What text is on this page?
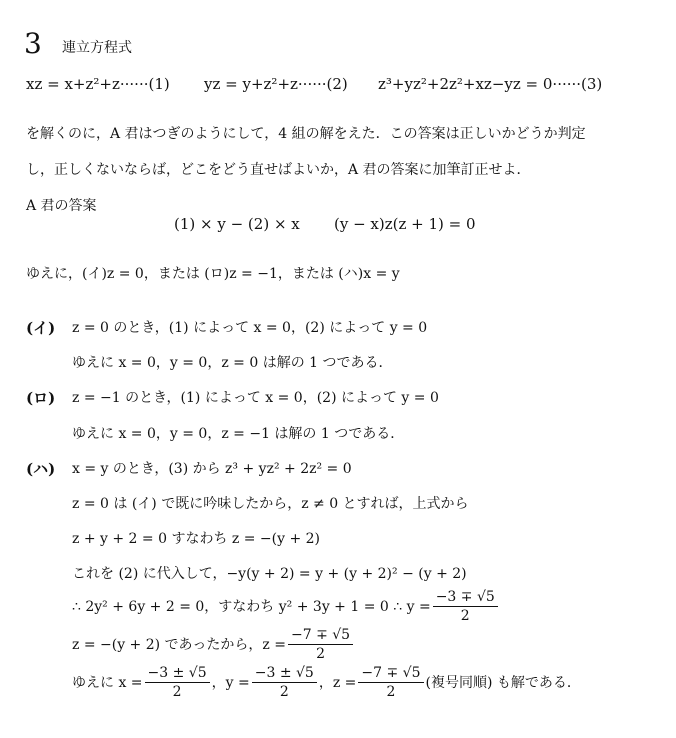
3 連立方程式
xz = x+z²+z······(1) yz = y+z²+z······(2) z³+yz²+2z²+xz−yz = 0······(3)
を解くのに，A 君はつぎのようにして，4 組の解をえた．この答案は正しいかどうか判定
し，正しくないならば，どこをどう直せばよいか，A 君の答案に加筆訂正せよ．
A 君の答案
(1) × y − (2) × x (y − x)z(z + 1) = 0
ゆえに，(イ)z = 0，または (ロ)z = −1，または (ハ)x = y
(イ) z = 0 のとき，(1) によって x = 0，(2) によって y = 0
ゆえに x = 0，y = 0，z = 0 は解の 1 つである．
(ロ) z = −1 のとき，(1) によって x = 0，(2) によって y = 0
ゆえに x = 0，y = 0，z = −1 は解の 1 つである．
(ハ) x = y のとき，(3) から z³ + yz² + 2z² = 0
z = 0 は (イ) で既に吟味したから，z ≠ 0 とすれば，上式から
z + y + 2 = 0 すなわち z = −(y + 2)
これを (2) に代入して，−y(y + 2) = y + (y + 2)² − (y + 2)
∴ 2y² + 6y + 2 = 0，すなわち y² + 3y + 1 = 0 ∴ $y = \frac{-3 \mp √5}{2}$
z = −(y + 2) であったから，$z = \frac{-7 \mp √5}{2}$
ゆえに $x = \frac{-3 \pm √5}{2}$ ，$y = \frac{-3 \pm √5}{2}$ ，$z = \frac{-7 \mp √5}{2}$ (複号同順) も解である．
